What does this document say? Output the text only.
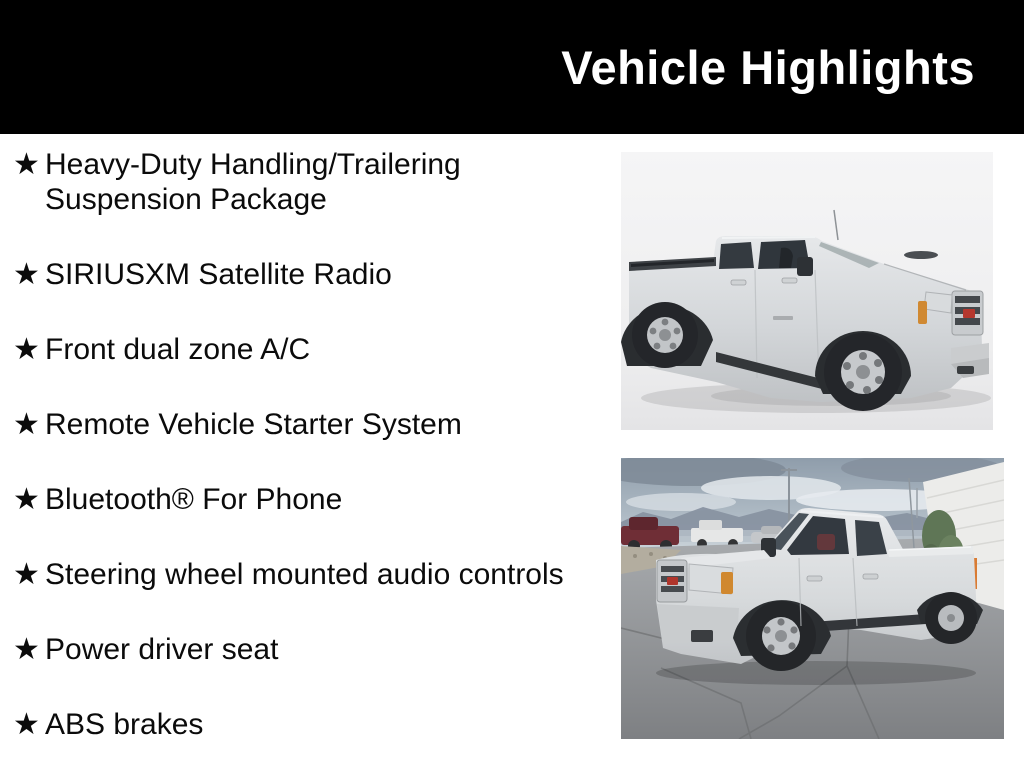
Vehicle Highlights
★ Heavy-Duty Handling/Trailering Suspension Package
★ SIRIUSXM Satellite Radio
★ Front dual zone A/C
★ Remote Vehicle Starter System
★ Bluetooth® For Phone
★ Steering wheel mounted audio controls
★ Power driver seat
★ ABS brakes
